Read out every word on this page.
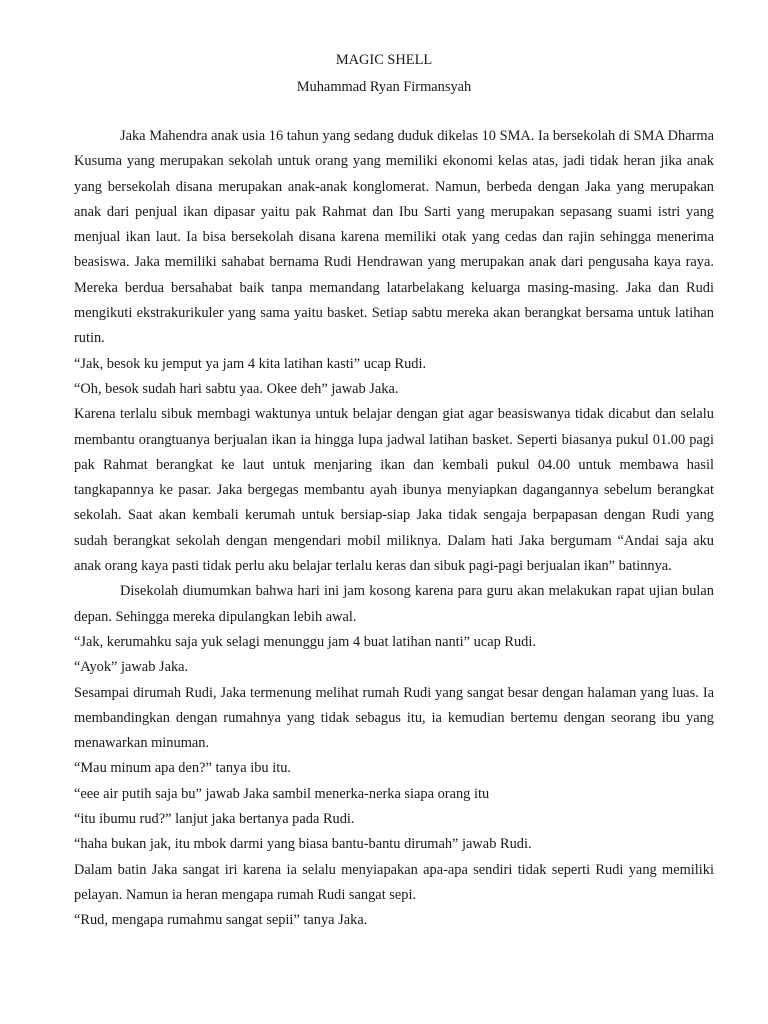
MAGIC SHELL
Muhammad Ryan Firmansyah

Jaka Mahendra anak usia 16 tahun yang sedang duduk dikelas 10 SMA. Ia bersekolah di SMA Dharma Kusuma yang merupakan sekolah untuk orang yang memiliki ekonomi kelas atas, jadi tidak heran jika anak yang bersekolah disana merupakan anak-anak konglomerat. Namun, berbeda dengan Jaka yang merupakan anak dari penjual ikan dipasar yaitu pak Rahmat dan Ibu Sarti yang merupakan sepasang suami istri yang menjual ikan laut. Ia bisa bersekolah disana karena memiliki otak yang cedas dan rajin sehingga menerima beasiswa. Jaka memiliki sahabat bernama Rudi Hendrawan yang merupakan anak dari pengusaha kaya raya. Mereka berdua bersahabat baik tanpa memandang latarbelakang keluarga masing-masing. Jaka dan Rudi mengikuti ekstrakurikuler yang sama yaitu basket. Setiap sabtu mereka akan berangkat bersama untuk latihan rutin.

“Jak, besok ku jemput ya jam 4 kita latihan kasti” ucap Rudi.

“Oh, besok sudah hari sabtu yaa. Okee deh” jawab Jaka.

Karena terlalu sibuk membagi waktunya untuk belajar dengan giat agar beasiswanya tidak dicabut dan selalu membantu orangtuanya berjualan ikan ia hingga lupa jadwal latihan basket. Seperti biasanya pukul 01.00 pagi pak Rahmat berangkat ke laut untuk menjaring ikan dan kembali pukul 04.00 untuk membawa hasil tangkapannya ke pasar. Jaka bergegas membantu ayah ibunya menyiapkan dagangannya sebelum berangkat sekolah. Saat akan kembali kerumah untuk bersiap-siap Jaka tidak sengaja berpapasan dengan Rudi yang sudah berangkat sekolah dengan mengendari mobil miliknya. Dalam hati Jaka bergumam “Andai saja aku anak orang kaya pasti tidak perlu aku belajar terlalu keras dan sibuk pagi-pagi berjualan ikan” batinnya.

Disekolah diumumkan bahwa hari ini jam kosong karena para guru akan melakukan rapat ujian bulan depan. Sehingga mereka dipulangkan lebih awal.

“Jak, kerumahku saja yuk selagi menunggu jam 4 buat latihan nanti” ucap Rudi.

“Ayok” jawab Jaka.

Sesampai dirumah Rudi, Jaka termenung melihat rumah Rudi yang sangat besar dengan halaman yang luas. Ia membandingkan dengan rumahnya yang tidak sebagus itu, ia kemudian bertemu dengan seorang ibu yang menawarkan minuman.

“Mau minum apa den?” tanya ibu itu.

“eee air putih saja bu” jawab Jaka sambil menerka-nerka siapa orang itu

“itu ibumu rud?” lanjut jaka bertanya pada Rudi.

“haha bukan jak, itu mbok darmi yang biasa bantu-bantu dirumah” jawab Rudi.

Dalam batin Jaka sangat iri karena ia selalu menyiapakan apa-apa sendiri tidak seperti Rudi yang memiliki pelayan. Namun ia heran mengapa rumah Rudi sangat sepi.

“Rud, mengapa rumahmu sangat sepii” tanya Jaka.
